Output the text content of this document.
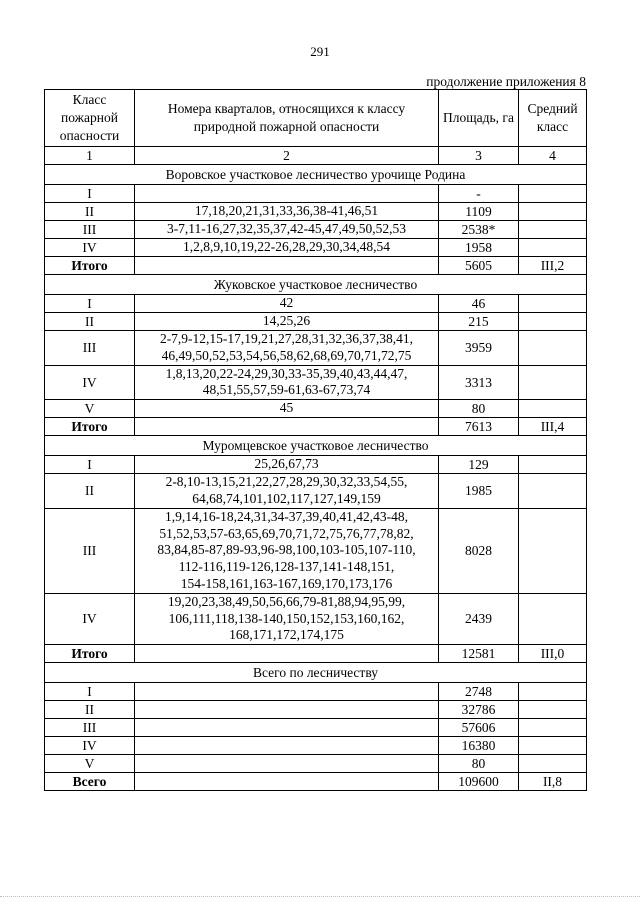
291
продолжение приложения 8
Класс пожарной опасности	Номера кварталов, относящихся к классу природной пожарной опасности	Площадь, га	Средний класс
1	2	3	4
Воровское участковое лесничество урочище Родина			
I		-	
II	17,18,20,21,31,33,36,38-41,46,51	1109	
III	3-7,11-16,27,32,35,37,42-45,47,49,50,52,53	2538*	
IV	1,2,8,9,10,19,22-26,28,29,30,34,48,54	1958	
Итого		5605	III,2
Жуковское участковое лесничество			
I	42	46	
II	14,25,26	215	
III	2-7,9-12,15-17,19,21,27,28,31,32,36,37,38,41,
46,49,50,52,53,54,56,58,62,68,69,70,71,72,75	3959	
IV	1,8,13,20,22-24,29,30,33-35,39,40,43,44,47,
48,51,55,57,59-61,63-67,73,74	3313	
V	45	80	
Итого		7613	III,4
Муромцевское участковое лесничество			
I	25,26,67,73	129	
II	2-8,10-13,15,21,22,27,28,29,30,32,33,54,55,
64,68,74,101,102,117,127,149,159	1985	
III	1,9,14,16-18,24,31,34-37,39,40,41,42,43-48,
51,52,53,57-63,65,69,70,71,72,75,76,77,78,82,
83,84,85-87,89-93,96-98,100,103-105,107-110,
112-116,119-126,128-137,141-148,151,
154-158,161,163-167,169,170,173,176	8028	
IV	19,20,23,38,49,50,56,66,79-81,88,94,95,99,
106,111,118,138-140,150,152,153,160,162,
168,171,172,174,175	2439	
Итого		12581	III,0
Всего по лесничеству			
I		2748	
II		32786	
III		57606	
IV		16380	
V		80	
Всего		109600	II,8
